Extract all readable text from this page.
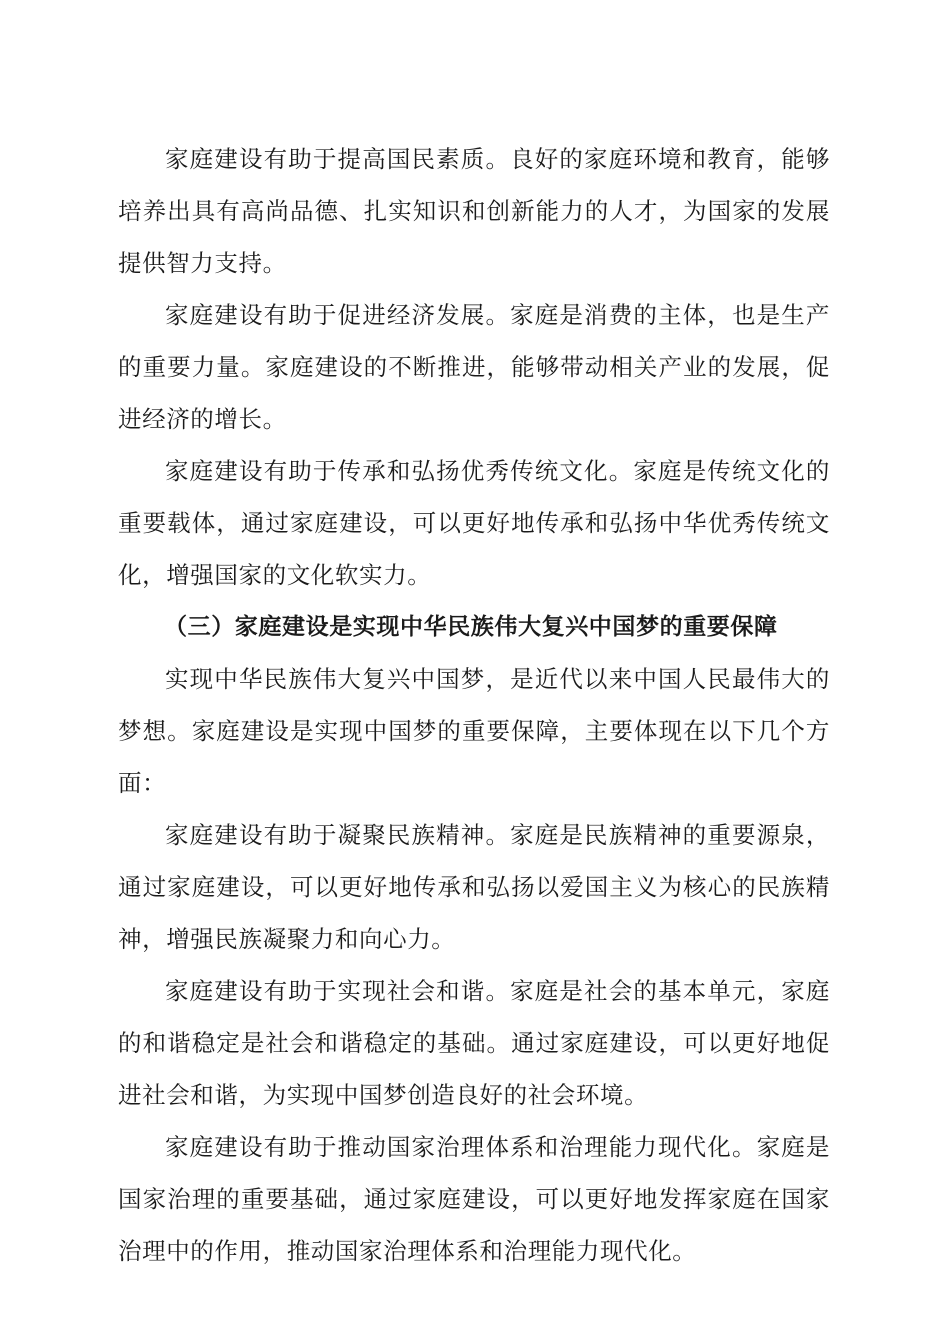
家庭建设有助于提高国民素质。良好的家庭环境和教育，能够培养出具有高尚品德、扎实知识和创新能力的人才，为国家的发展提供智力支持。

家庭建设有助于促进经济发展。家庭是消费的主体，也是生产的重要力量。家庭建设的不断推进，能够带动相关产业的发展，促进经济的增长。

家庭建设有助于传承和弘扬优秀传统文化。家庭是传统文化的重要载体，通过家庭建设，可以更好地传承和弘扬中华优秀传统文化，增强国家的文化软实力。

（三）家庭建设是实现中华民族伟大复兴中国梦的重要保障

实现中华民族伟大复兴中国梦，是近代以来中国人民最伟大的梦想。家庭建设是实现中国梦的重要保障，主要体现在以下几个方面：

家庭建设有助于凝聚民族精神。家庭是民族精神的重要源泉，通过家庭建设，可以更好地传承和弘扬以爱国主义为核心的民族精神，增强民族凝聚力和向心力。

家庭建设有助于实现社会和谐。家庭是社会的基本单元，家庭的和谐稳定是社会和谐稳定的基础。通过家庭建设，可以更好地促进社会和谐，为实现中国梦创造良好的社会环境。

家庭建设有助于推动国家治理体系和治理能力现代化。家庭是国家治理的重要基础，通过家庭建设，可以更好地发挥家庭在国家治理中的作用，推动国家治理体系和治理能力现代化。
